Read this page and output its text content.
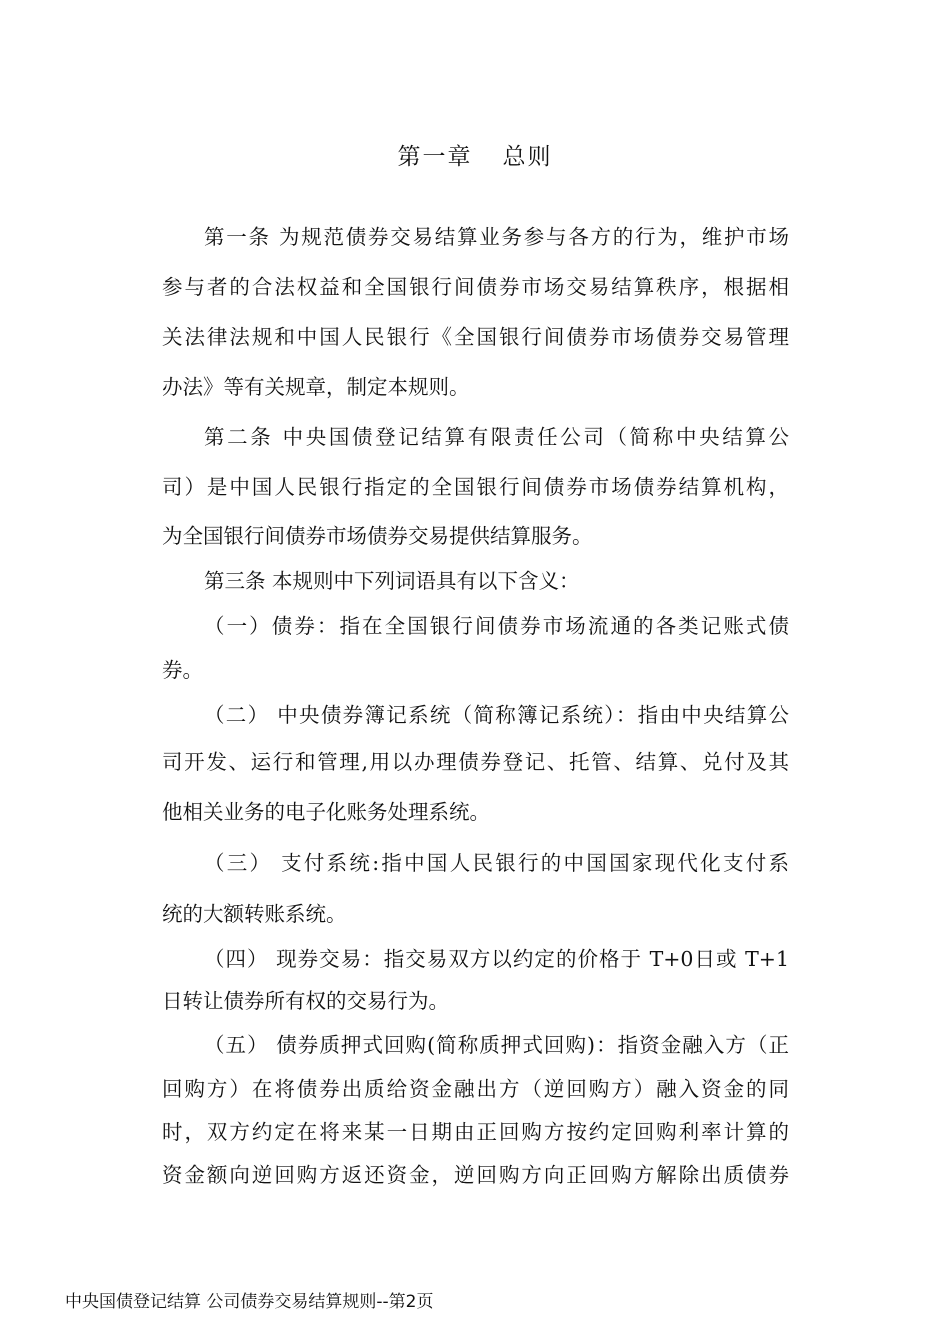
第一章 总则
第一条 为规范债券交易结算业务参与各方的行为，维护市场
参与者的合法权益和全国银行间债券市场交易结算秩序，根据相
关法律法规和中国人民银行《全国银行间债券市场债券交易管理
办法》等有关规章，制定本规则。
第二条 中央国债登记结算有限责任公司（简称中央结算公
司）是中国人民银行指定的全国银行间债券市场债券结算机构，
为全国银行间债券市场债券交易提供结算服务。
第三条 本规则中下列词语具有以下含义：
（一）债券：指在全国银行间债券市场流通的各类记账式债
券。
（二） 中央债券簿记系统（简称簿记系统）：指由中央结算公
司开发、运行和管理,用以办理债券登记、托管、结算、兑付及其
他相关业务的电子化账务处理系统。
（三） 支付系统:指中国人民银行的中国国家现代化支付系
统的大额转账系统。
（四） 现券交易：指交易双方以约定的价格于 T+0日或 T+1
日转让债券所有权的交易行为。
（五） 债券质押式回购(简称质押式回购)：指资金融入方（正
回购方）在将债券出质给资金融出方（逆回购方）融入资金的同
时，双方约定在将来某一日期由正回购方按约定回购利率计算的
资金额向逆回购方返还资金，逆回购方向正回购方解除出质债券
中央国债登记结算 公司债券交易结算规则--第2页
